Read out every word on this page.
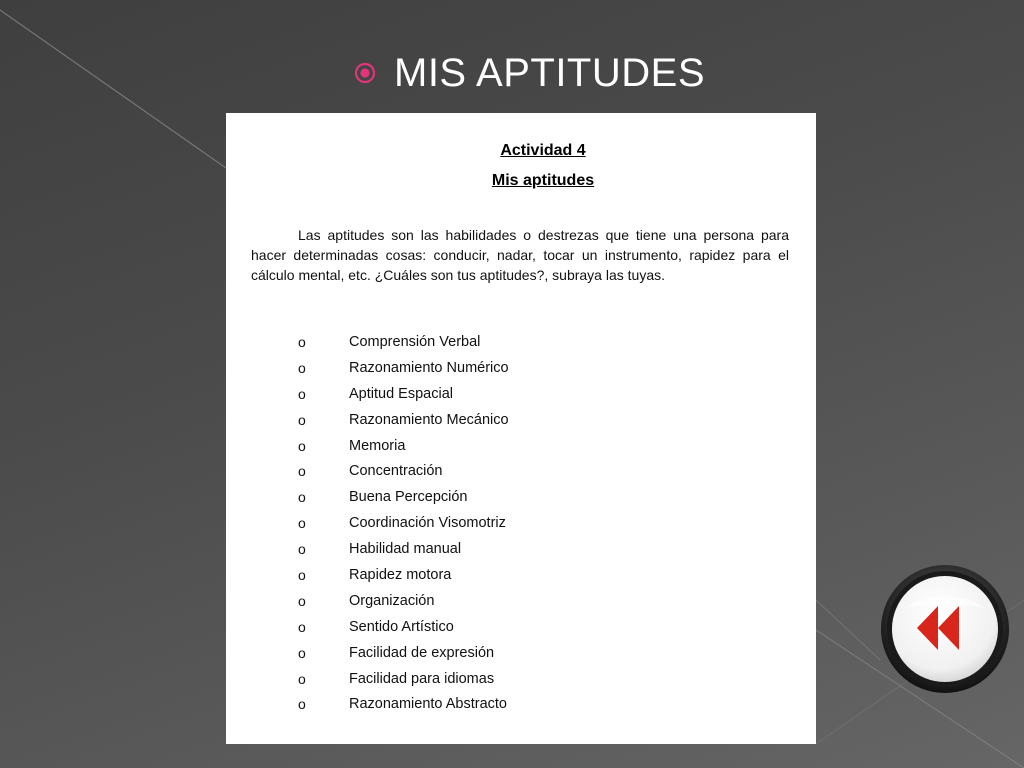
MIS APTITUDES
Actividad 4
Mis aptitudes
Las aptitudes son las habilidades o destrezas que tiene una persona para hacer determinadas cosas: conducir, nadar, tocar un instrumento, rapidez para el cálculo mental, etc. ¿Cuáles son tus aptitudes?, subraya las tuyas.
o	Comprensión Verbal
o	Razonamiento Numérico
o	Aptitud Espacial
o	Razonamiento Mecánico
o	Memoria
o	Concentración
o	Buena Percepción
o	Coordinación Visomotriz
o	Habilidad manual
o	Rapidez motora
o	Organización
o	Sentido Artístico
o	Facilidad de expresión
o	Facilidad para idiomas
o	Razonamiento Abstracto
